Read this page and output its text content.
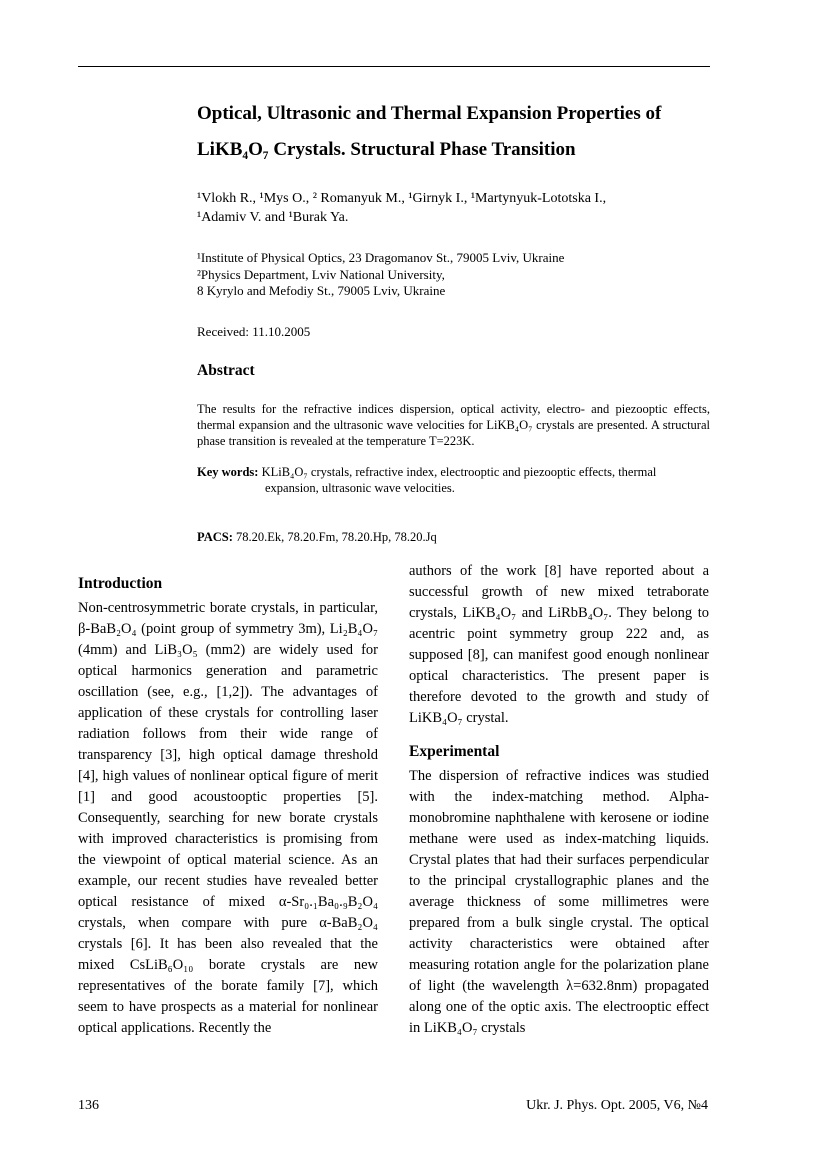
Optical, Ultrasonic and Thermal Expansion Properties of
LiKB₄O₇ Crystals. Structural Phase Transition
¹Vlokh R., ¹Mys O., ² Romanyuk M., ¹Girnyk I., ¹Martynyuk-Lototska I.,
¹Adamiv V. and ¹Burak Ya.
¹Institute of Physical Optics, 23 Dragomanov St., 79005 Lviv, Ukraine
²Physics Department, Lviv National University,
8 Kyrylo and Mefodiy St., 79005 Lviv, Ukraine
Received: 11.10.2005
Abstract
The results for the refractive indices dispersion, optical activity, electro- and piezooptic effects, thermal expansion and the ultrasonic wave velocities for LiKB₄O₇ crystals are presented. A structural phase transition is revealed at the temperature T=223K.
Key words: KLiB₄O₇ crystals, refractive index, electrooptic and piezooptic effects, thermal
expansion, ultrasonic wave velocities.
PACS: 78.20.Ek, 78.20.Fm, 78.20.Hp, 78.20.Jq
Introduction

Non-centrosymmetric borate crystals, in particular, β-BaB₂O₄ (point group of symmetry 3m), Li₂B₄O₇ (4mm) and LiB₃O₅ (mm2) are widely used for optical harmonics generation and parametric oscillation (see, e.g., [1,2]). The advantages of application of these crystals for controlling laser radiation follows from their wide range of transparency [3], high optical damage threshold [4], high values of nonlinear optical figure of merit [1] and good acoustooptic properties [5]. Consequently, searching for new borate crystals with improved characteristics is promising from the viewpoint of optical material science. As an example, our recent studies have revealed better optical resistance of mixed α-Sr₀.₁Ba₀.₉B₂O₄ crystals, when compare with pure α-BaB₂O₄ crystals [6]. It has been also revealed that the mixed CsLiB₆O₁₀ borate crystals are new representatives of the borate family [7], which seem to have prospects as a material for nonlinear optical applications. Recently the

authors of the work [8] have reported about a successful growth of new mixed tetraborate crystals, LiKB₄O₇ and LiRbB₄O₇. They belong to acentric point symmetry group 222 and, as supposed [8], can manifest good enough nonlinear optical characteristics. The present paper is therefore devoted to the growth and study of LiKB₄O₇ crystal.

Experimental

The dispersion of refractive indices was studied with the index-matching method. Alpha-monobromine naphthalene with kerosene or iodine methane were used as index-matching liquids. Crystal plates that had their surfaces perpendicular to the principal crystallographic planes and the average thickness of some millimetres were prepared from a bulk single crystal. The optical activity characteristics were obtained after measuring rotation angle for the polarization plane of light (the wavelength λ=632.8nm) propagated along one of the optic axis. The electrooptic effect in LiKB₄O₇ crystals

136	Ukr. J. Phys. Opt. 2005, V6, №4
